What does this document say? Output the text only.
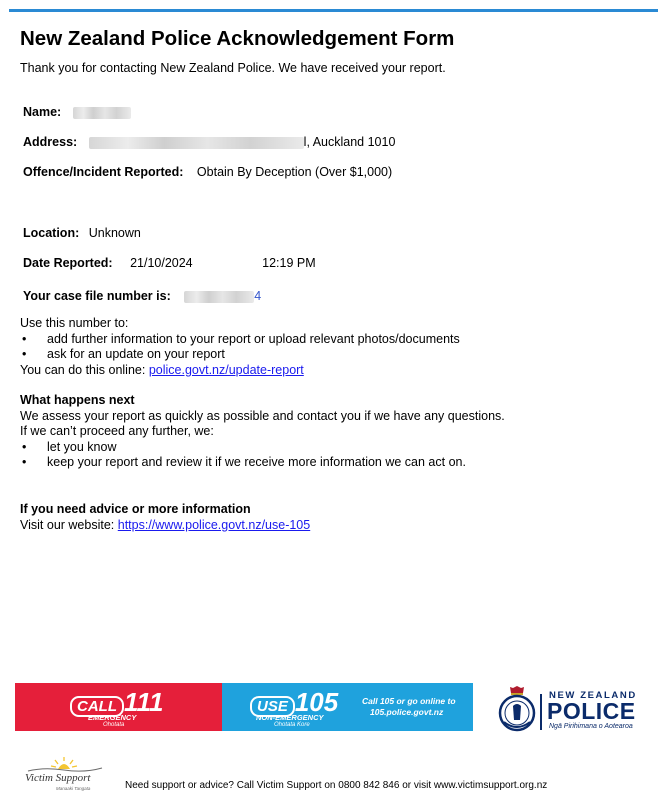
New Zealand Police Acknowledgement Form
Thank you for contacting New Zealand Police. We have received your report.
Name:
Address:	l, Auckland 1010
Offence/Incident Reported: Obtain By Deception (Over $1,000)
Location: Unknown
Date Reported: 21/10/2024	12:19 PM
Your case file number is:	4

Use this number to:

• add further information to your report or upload relevant photos/documents

• ask for an update on your report

You can do this online: police.govt.nz/update-report

What happens next

We assess your report as quickly as possible and contact you if we have any questions.

If we can’t proceed any further, we:

• let you know

• keep your report and review it if we receive more information we can act on.

If you need advice or more information

Visit our website: https://www.police.govt.nz/use-105

CALL 111
EMERGENCY
Ohotata
USE 105
NON-EMERGENCY
Ohotata Kore
Call 105 or go online to
105.police.govt.nz
NEW ZEALAND
POLICE
Ngā Pirihimana o Aotearoa
Victim Support
Manaaki Tangata	Need support or advice? Call Victim Support on 0800 842 846 or visit www.victimsupport.org.nz
